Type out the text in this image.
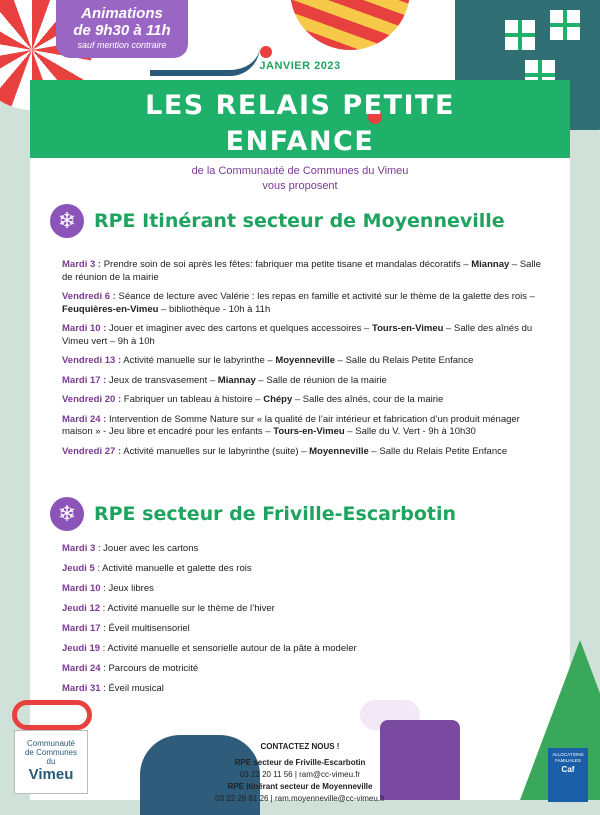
Animations
de 9h30 à 11h
sauf mention contraire
JANVIER 2023
LES RELAIS PETITE
ENFANCE
de la Communauté de Communes du Vimeu
vous proposent
❄ RPE Itinérant secteur de Moyenneville

Mardi 3 : Prendre soin de soi après les fêtes: fabriquer ma petite tisane et mandalas décoratifs – Miannay – Salle de réunion de la mairie

Vendredi 6 : Séance de lecture avec Valérie : les repas en famille et activité sur le thème de la galette des rois – Feuquières-en-Vimeu – bibliothèque - 10h à 11h

Mardi 10 : Jouer et imaginer avec des cartons et quelques accessoires – Tours-en-Vimeu – Salle des aînés du Vimeu vert – 9h à 10h

Vendredi 13 : Activité manuelle sur le labyrinthe – Moyenneville – Salle du Relais Petite Enfance

Mardi 17 : Jeux de transvasement – Miannay – Salle de réunion de la mairie

Vendredi 20 : Fabriquer un tableau à histoire – Chépy – Salle des aînés, cour de la mairie

Mardi 24 : Intervention de Somme Nature sur « la qualité de l’air intérieur et fabrication d’un produit ménager maison » - Jeu libre et encadré pour les enfants – Tours-en-Vimeu – Salle du V. Vert - 9h à 10h30

Vendredi 27 : Activité manuelles sur le labyrinthe (suite) – Moyenneville – Salle du Relais Petite Enfance

❄ RPE secteur de Friville-Escarbotin

Mardi 3 : Jouer avec les cartons

Jeudi 5 : Activité manuelle et galette des rois

Mardi 10 : Jeux libres

Jeudi 12 : Activité manuelle sur le thème de l’hiver

Mardi 17 : Éveil multisensoriel

Jeudi 19 : Activité manuelle et sensorielle autour de la pâte à modeler

Mardi 24 : Parcours de motricité

Mardi 31 : Éveil musical

Communauté
de Communes
du
Vimeu
CONTACTEZ NOUS !
RPE secteur de Friville-Escarbotin
03 22 20 11 56 | ram@cc-vimeu.fr
RPE itinérant secteur de Moyenneville
03 22 28 81 26 | ram.moyenneville@cc-vimeu.fr
ALLOCATIONS
FAMILIALES
Caf
